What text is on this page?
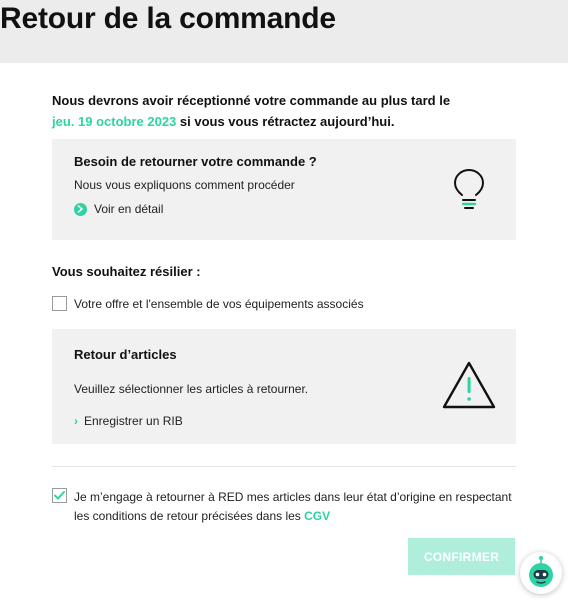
Retour de la commande

Nous devrons avoir réceptionné votre commande au plus tard le
jeu. 19 octobre 2023 si vous vous rétractez aujourd’hui.

Besoin de retourner votre commande ?
Nous vous expliquons comment procéder
Voir en détail
Vous souhaitez résilier :
Votre offre et l'ensemble de vos équipements associés
Retour d’articles
Veuillez sélectionner les articles à retourner.
› Enregistrer un RIB

Je m’engage à retourner à RED mes articles dans leur état d’origine en respectant les conditions de retour précisées dans les CGV

CONFIRMER
